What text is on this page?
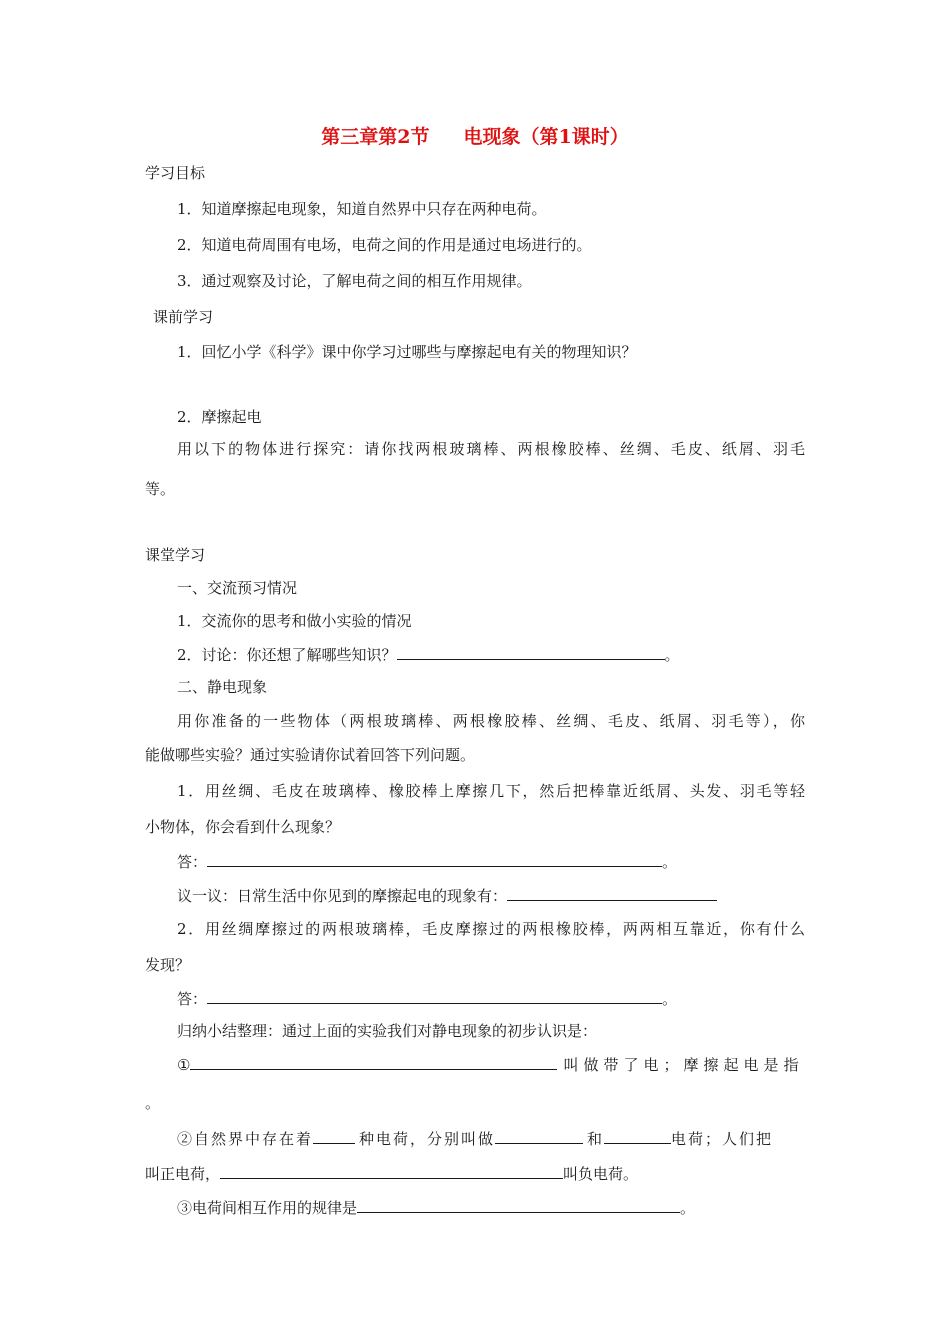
第三章第2节 电现象（第1课时）
学习目标
1．知道摩擦起电现象，知道自然界中只存在两种电荷。
2．知道电荷周围有电场，电荷之间的作用是通过电场进行的。
3．通过观察及讨论，了解电荷之间的相互作用规律。
课前学习
1．回忆小学《科学》课中你学习过哪些与摩擦起电有关的物理知识？
2．摩擦起电
用以下的物体进行探究：请你找两根玻璃棒、两根橡胶棒、丝绸、毛皮、纸屑、羽毛
等。
课堂学习
一、交流预习情况
1．交流你的思考和做小实验的情况
2．讨论：你还想了解哪些知识？	。
二、静电现象
用你准备的一些物体（两根玻璃棒、两根橡胶棒、丝绸、毛皮、纸屑、羽毛等），你
能做哪些实验？通过实验请你试着回答下列问题。
1．用丝绸、毛皮在玻璃棒、橡胶棒上摩擦几下，然后把棒靠近纸屑、头发、羽毛等轻
小物体，你会看到什么现象？
答：	。
议一议：日常生活中你见到的摩擦起电的现象有：
2．用丝绸摩擦过的两根玻璃棒，毛皮摩擦过的两根橡胶棒，两两相互靠近，你有什么
发现？
答：	。
归纳小结整理：通过上面的实验我们对静电现象的初步认识是：
①	叫做带了电；摩擦起电是指
。
②自然界中存在着	种电荷，分别叫做	和	电荷；人们把
叫正电荷，	叫负电荷。
③电荷间相互作用的规律是	。
